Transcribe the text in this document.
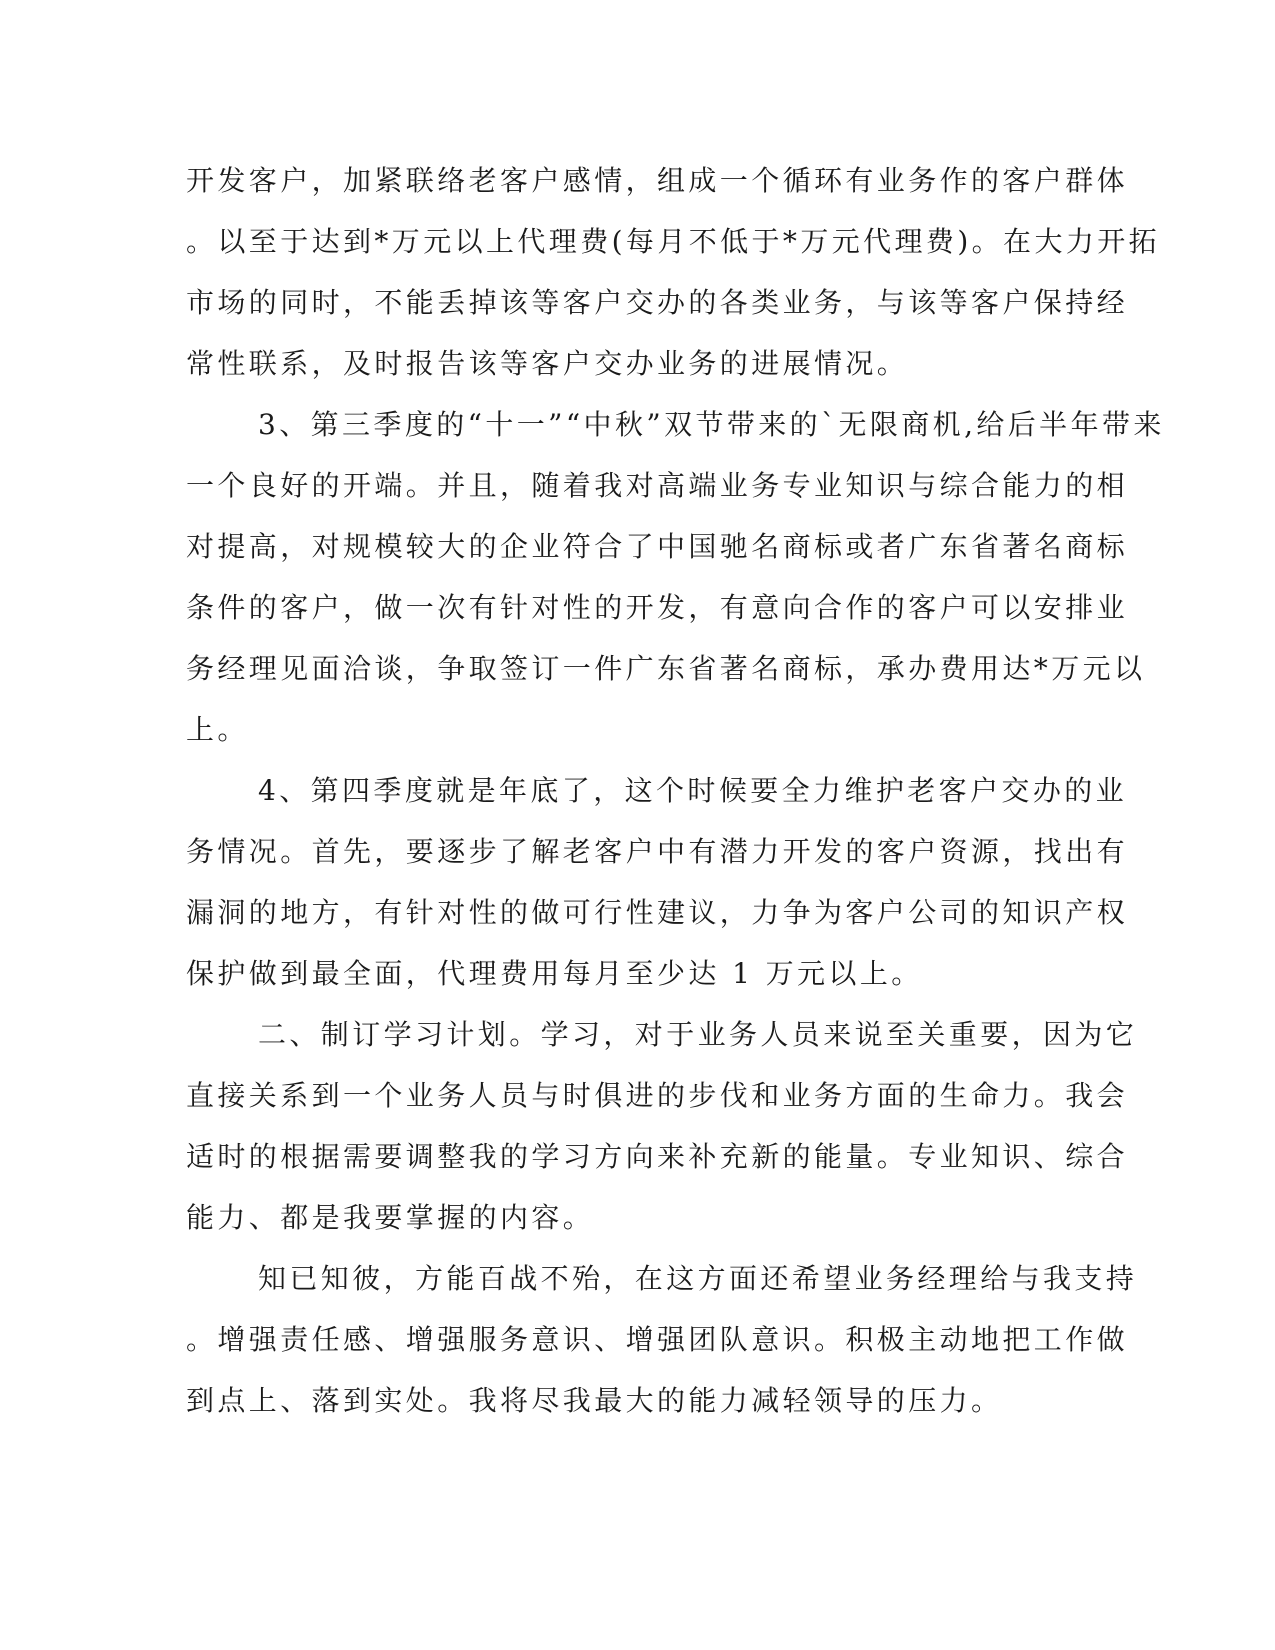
开发客户，加紧联络老客户感情，组成一个循环有业务作的客户群体
。以至于达到*万元以上代理费(每月不低于*万元代理费)。在大力开拓
市场的同时，不能丢掉该等客户交办的各类业务，与该等客户保持经
常性联系，及时报告该等客户交办业务的进展情况。
3、第三季度的“十一”“中秋”双节带来的`无限商机,给后半年带来
一个良好的开端。并且，随着我对高端业务专业知识与综合能力的相
对提高，对规模较大的企业符合了中国驰名商标或者广东省著名商标
条件的客户，做一次有针对性的开发，有意向合作的客户可以安排业
务经理见面洽谈，争取签订一件广东省著名商标，承办费用达*万元以
上。
4、第四季度就是年底了，这个时候要全力维护老客户交办的业
务情况。首先，要逐步了解老客户中有潜力开发的客户资源，找出有
漏洞的地方，有针对性的做可行性建议，力争为客户公司的知识产权
保护做到最全面，代理费用每月至少达 1 万元以上。
二、制订学习计划。学习，对于业务人员来说至关重要，因为它
直接关系到一个业务人员与时俱进的步伐和业务方面的生命力。我会
适时的根据需要调整我的学习方向来补充新的能量。专业知识、综合
能力、都是我要掌握的内容。
知已知彼，方能百战不殆，在这方面还希望业务经理给与我支持
。增强责任感、增强服务意识、增强团队意识。积极主动地把工作做
到点上、落到实处。我将尽我最大的能力减轻领导的压力。
